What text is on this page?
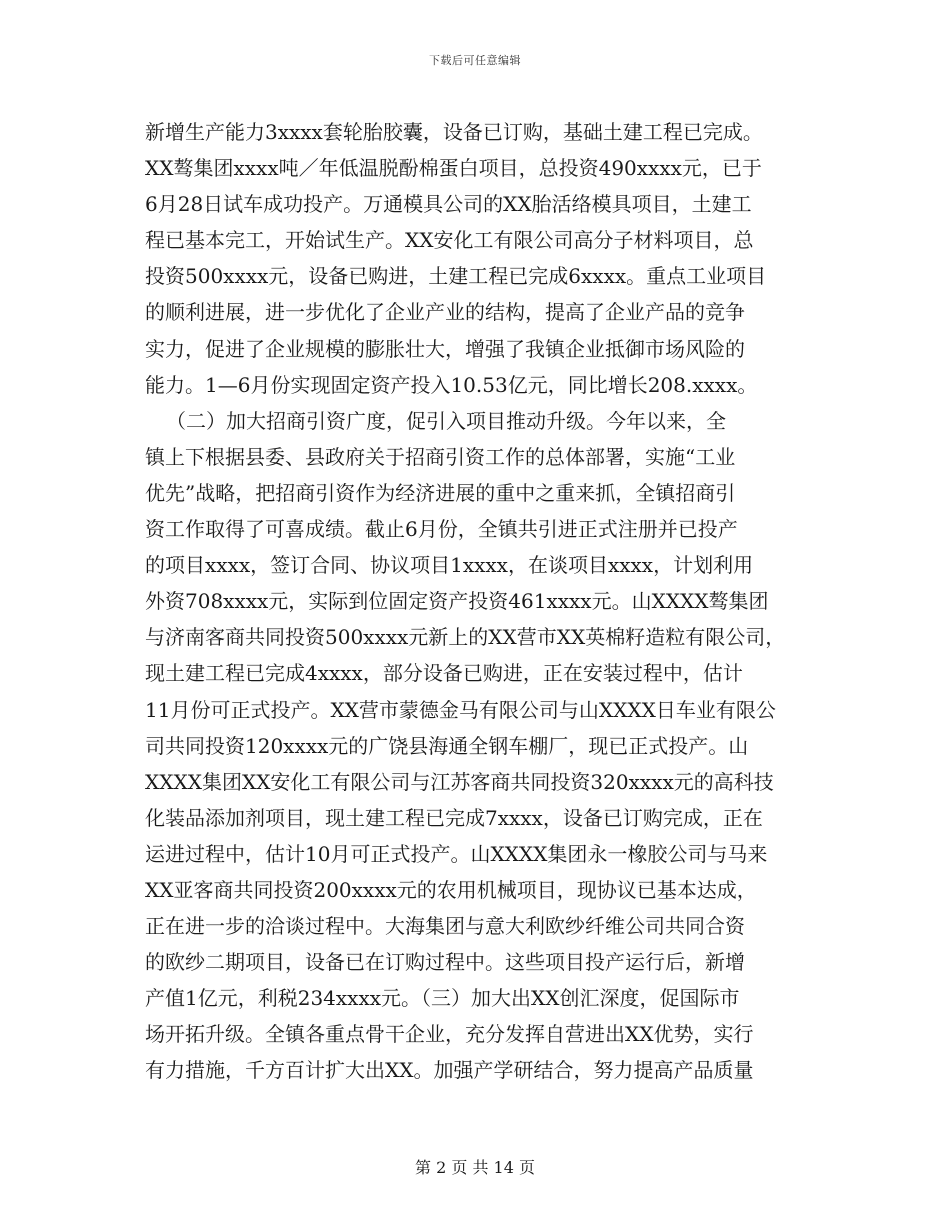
下载后可任意编辑
新增生产能力3xxxx套轮胎胶囊，设备已订购，基础土建工程已完成。
XX骜集团xxxx吨／年低温脱酚棉蛋白项目，总投资490xxxx元，已于
6月28日试车成功投产。万通模具公司的XX胎活络模具项目，土建工
程已基本完工，开始试生产。XX安化工有限公司高分子材料项目，总
投资500xxxx元，设备已购进，土建工程已完成6xxxx。重点工业项目
的顺利进展，进一步优化了企业产业的结构，提高了企业产品的竞争
实力，促进了企业规模的膨胀壮大，增强了我镇企业抵御市场风险的
能力。1—6月份实现固定资产投入10.53亿元，同比增长208.xxxx。
（二）加大招商引资广度，促引入项目推动升级。今年以来，全
镇上下根据县委、县政府关于招商引资工作的总体部署，实施“工业
优先”战略，把招商引资作为经济进展的重中之重来抓，全镇招商引
资工作取得了可喜成绩。截止6月份，全镇共引进正式注册并已投产
的项目xxxx，签订合同、协议项目1xxxx，在谈项目xxxx，计划利用
外资708xxxx元，实际到位固定资产投资461xxxx元。山XXXX骜集团
与济南客商共同投资500xxxx元新上的XX营市XX英棉籽造粒有限公司，
现土建工程已完成4xxxx，部分设备已购进，正在安装过程中，估计
11月份可正式投产。XX营市蒙德金马有限公司与山XXXX日车业有限公
司共同投资120xxxx元的广饶县海通全钢车棚厂，现已正式投产。山
XXXX集团XX安化工有限公司与江苏客商共同投资320xxxx元的高科技
化装品添加剂项目，现土建工程已完成7xxxx，设备已订购完成，正在
运进过程中，估计10月可正式投产。山XXXX集团永一橡胶公司与马来
XX亚客商共同投资200xxxx元的农用机械项目，现协议已基本达成，
正在进一步的洽谈过程中。大海集团与意大利欧纱纤维公司共同合资
的欧纱二期项目，设备已在订购过程中。这些项目投产运行后，新增
产值1亿元，利税234xxxx元。（三）加大出XX创汇深度，促国际市
场开拓升级。全镇各重点骨干企业，充分发挥自营进出XX优势，实行
有力措施，千方百计扩大出XX。加强产学研结合，努力提高产品质量
第 2 页 共 14 页
